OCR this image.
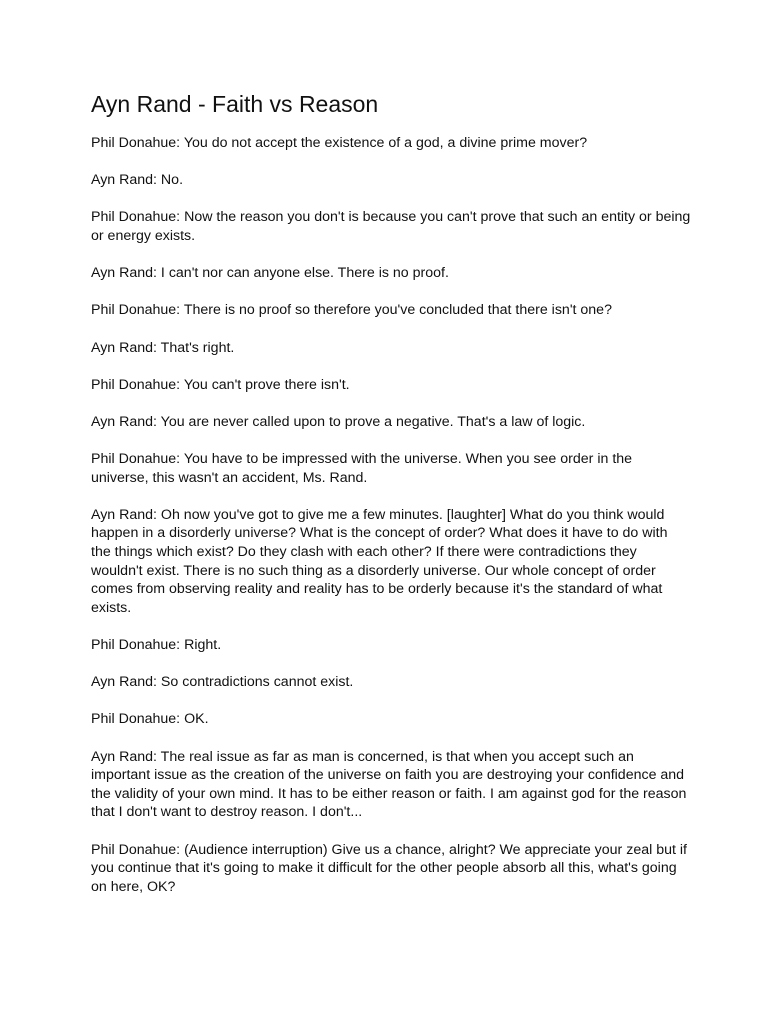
Ayn Rand - Faith vs Reason

Phil Donahue: You do not accept the existence of a god, a divine prime mover?

Ayn Rand: No.

Phil Donahue: Now the reason you don't is because you can't prove that such an entity or being or energy exists.

Ayn Rand: I can't nor can anyone else. There is no proof.

Phil Donahue: There is no proof so therefore you've concluded that there isn't one?

Ayn Rand: That's right.

Phil Donahue: You can't prove there isn't.

Ayn Rand: You are never called upon to prove a negative. That's a law of logic.

Phil Donahue: You have to be impressed with the universe. When you see order in the universe, this wasn't an accident, Ms. Rand.

Ayn Rand: Oh now you've got to give me a few minutes. [laughter] What do you think would happen in a disorderly universe? What is the concept of order? What does it have to do with the things which exist? Do they clash with each other? If there were contradictions they wouldn't exist. There is no such thing as a disorderly universe. Our whole concept of order comes from observing reality and reality has to be orderly because it's the standard of what exists.

Phil Donahue: Right.

Ayn Rand: So contradictions cannot exist.

Phil Donahue: OK.

Ayn Rand: The real issue as far as man is concerned, is that when you accept such an important issue as the creation of the universe on faith you are destroying your confidence and the validity of your own mind. It has to be either reason or faith. I am against god for the reason that I don't want to destroy reason. I don't...

Phil Donahue: (Audience interruption) Give us a chance, alright? We appreciate your zeal but if you continue that it's going to make it difficult for the other people absorb all this, what's going on here, OK?
